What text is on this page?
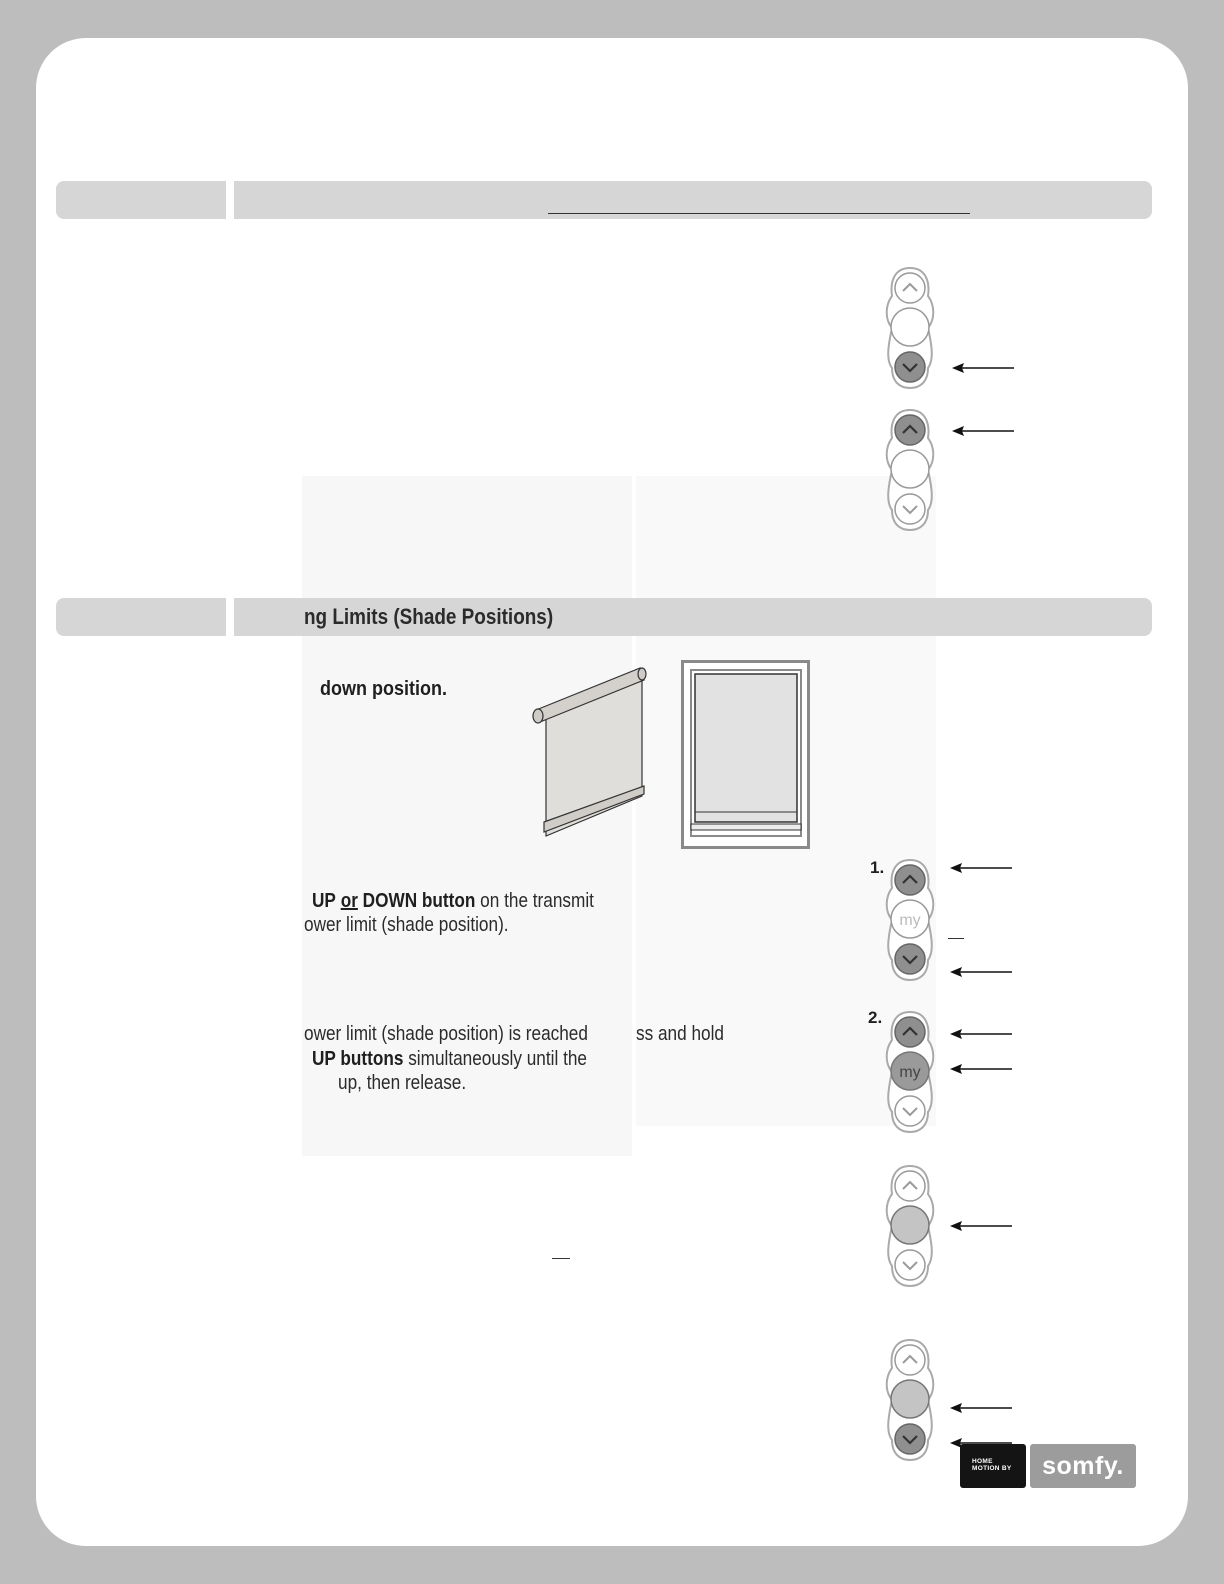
ng Limits (Shade Positions)
down position.
UP or DOWN button on the transmit
ower limit (shade position).
ower limit (shade position) is reached ss and hold
UP buttons simultaneously until the
up, then release.
1.
2.
my
my
HOME
MOTION BY	somfy.
